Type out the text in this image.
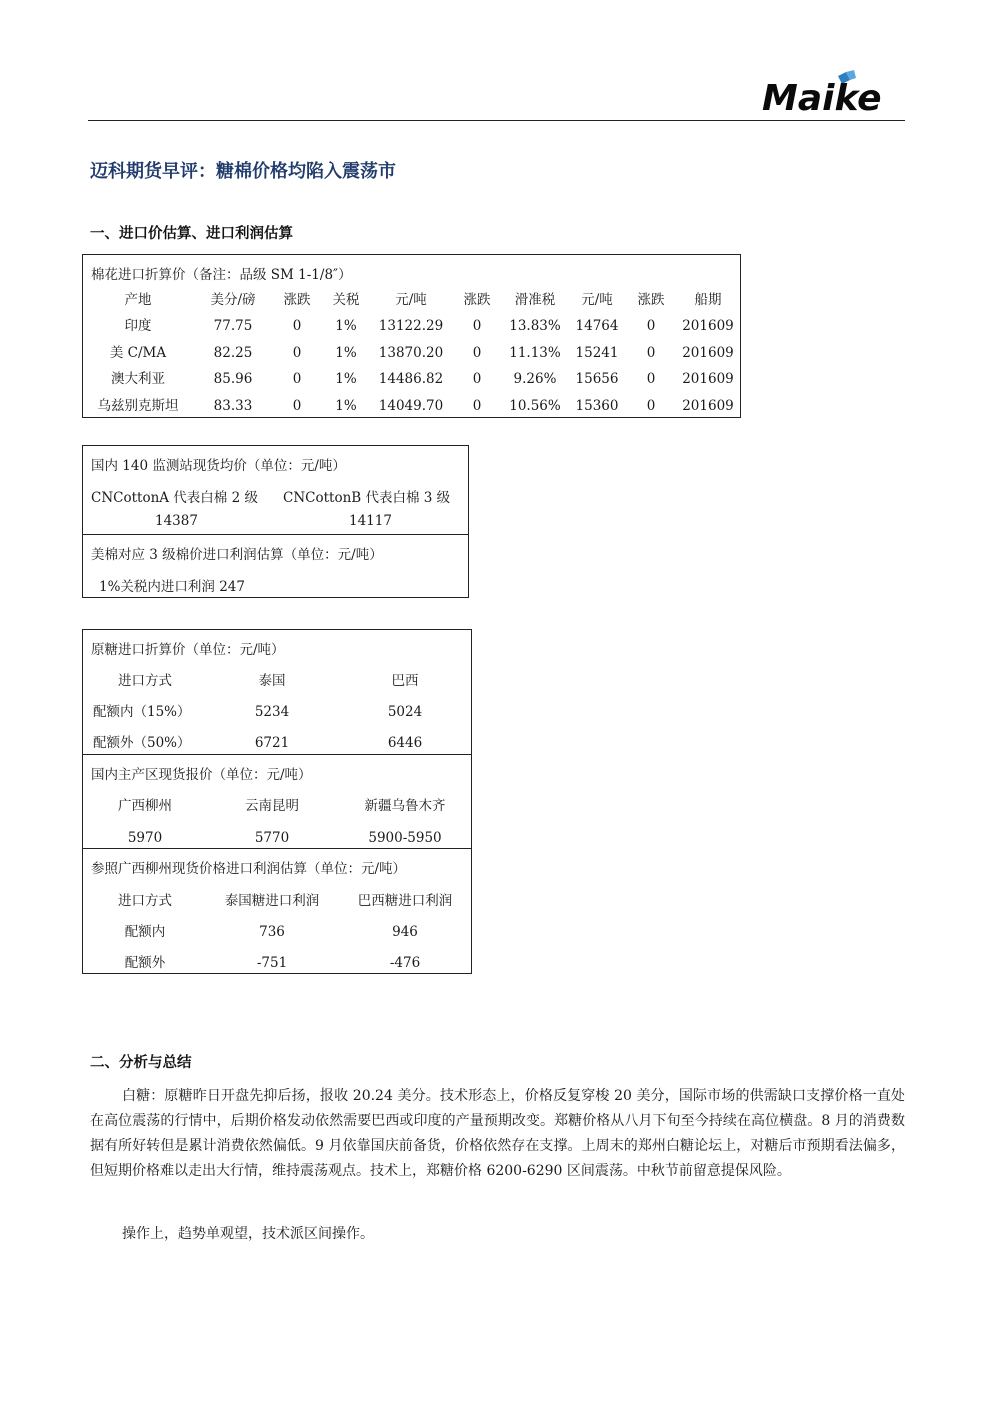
Maike
迈科期货早评：糖棉价格均陷入震荡市
一、进口价估算、进口利润估算
棉花进口折算价（备注：品级 SM 1-1/8″）
产地	美分/磅	涨跌	关税	元/吨	涨跌	滑准税	元/吨	涨跌	船期
印度	77.75	0	1%	13122.29	0	13.83%	14764	0	201609
美 C/MA	82.25	0	1%	13870.20	0	11.13%	15241	0	201609
澳大利亚	85.96	0	1%	14486.82	0	9.26%	15656	0	201609
乌兹别克斯坦	83.33	0	1%	14049.70	0	10.56%	15360	0	201609
国内 140 监测站现货均价（单位：元/吨）
CNCottonA 代表白棉 2 级 CNCottonB 代表白棉 3 级
14387	14117
美棉对应 3 级棉价进口利润估算（单位：元/吨）
1%关税内进口利润 247
原糖进口折算价（单位：元/吨）
进口方式	泰国	巴西
配额内（15%）	5234	5024
配额外（50%）	6721	6446
国内主产区现货报价（单位：元/吨）
广西柳州	云南昆明	新疆乌鲁木齐
5970	5770	5900-5950
参照广西柳州现货价格进口利润估算（单位：元/吨）
进口方式	泰国糖进口利润	巴西糖进口利润
配额内	736	946
配额外	-751	-476
二、分析与总结
白糖：原糖昨日开盘先抑后扬，报收 20.24 美分。技术形态上，价格反复穿梭 20 美分，国际市场的供需缺口支撑价格一直处在高位震荡的行情中，后期价格发动依然需要巴西或印度的产量预期改变。郑糖价格从八月下旬至今持续在高位横盘。8 月的消费数据有所好转但是累计消费依然偏低。9 月依靠国庆前备货，价格依然存在支撑。上周末的郑州白糖论坛上，对糖后市预期看法偏多，但短期价格难以走出大行情，维持震荡观点。技术上，郑糖价格 6200-6290 区间震荡。中秋节前留意提保风险。
操作上，趋势单观望，技术派区间操作。
